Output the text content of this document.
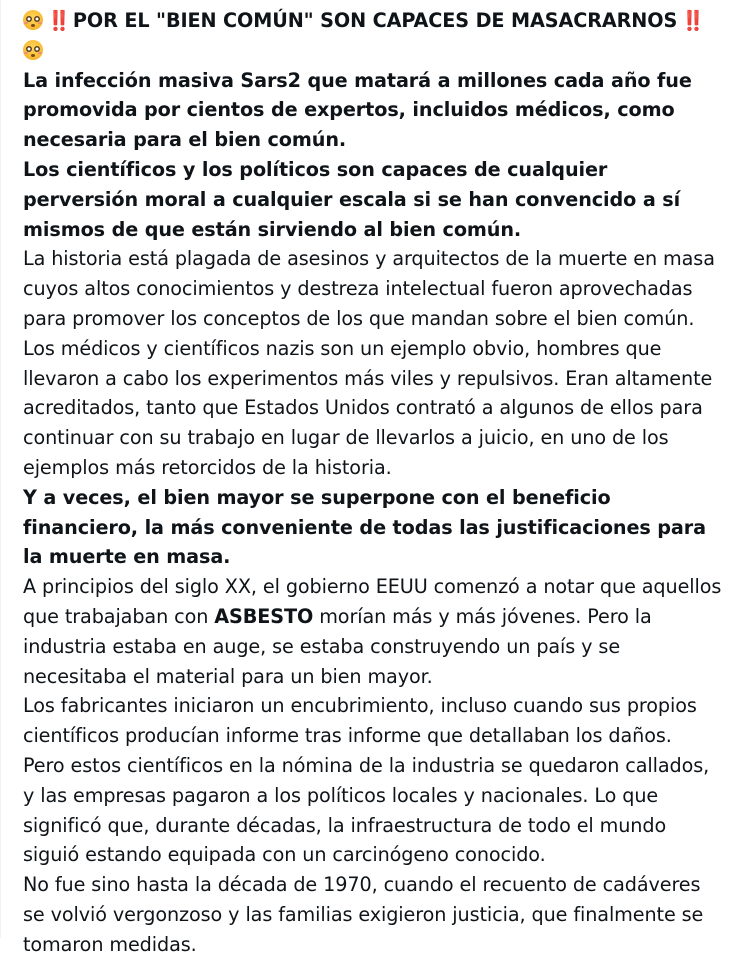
‼️ POR EL "BIEN COMÚN" SON CAPACES DE MASACRARNOS ‼️

La infección masiva Sars2 que matará a millones cada año fue promovida por cientos de expertos, incluidos médicos, como necesaria para el bien común.

Los científicos y los políticos son capaces de cualquier perversión moral a cualquier escala si se han convencido a sí mismos de que están sirviendo al bien común.

La historia está plagada de asesinos y arquitectos de la muerte en masa cuyos altos conocimientos y destreza intelectual fueron aprovechadas para promover los conceptos de los que mandan sobre el bien común.

Los médicos y científicos nazis son un ejemplo obvio, hombres que llevaron a cabo los experimentos más viles y repulsivos. Eran altamente acreditados, tanto que Estados Unidos contrató a algunos de ellos para continuar con su trabajo en lugar de llevarlos a juicio, en uno de los ejemplos más retorcidos de la historia.

Y a veces, el bien mayor se superpone con el beneficio financiero, la más conveniente de todas las justificaciones para la muerte en masa.

A principios del siglo XX, el gobierno EEUU comenzó a notar que aquellos que trabajaban con ASBESTO morían más y más jóvenes. Pero la industria estaba en auge, se estaba construyendo un país y se necesitaba el material para un bien mayor.

Los fabricantes iniciaron un encubrimiento, incluso cuando sus propios científicos producían informe tras informe que detallaban los daños.

Pero estos científicos en la nómina de la industria se quedaron callados, y las empresas pagaron a los políticos locales y nacionales. Lo que significó que, durante décadas, la infraestructura de todo el mundo siguió estando equipada con un carcinógeno conocido.

No fue sino hasta la década de 1970, cuando el recuento de cadáveres se volvió vergonzoso y las familias exigieron justicia, que finalmente se tomaron medidas.
